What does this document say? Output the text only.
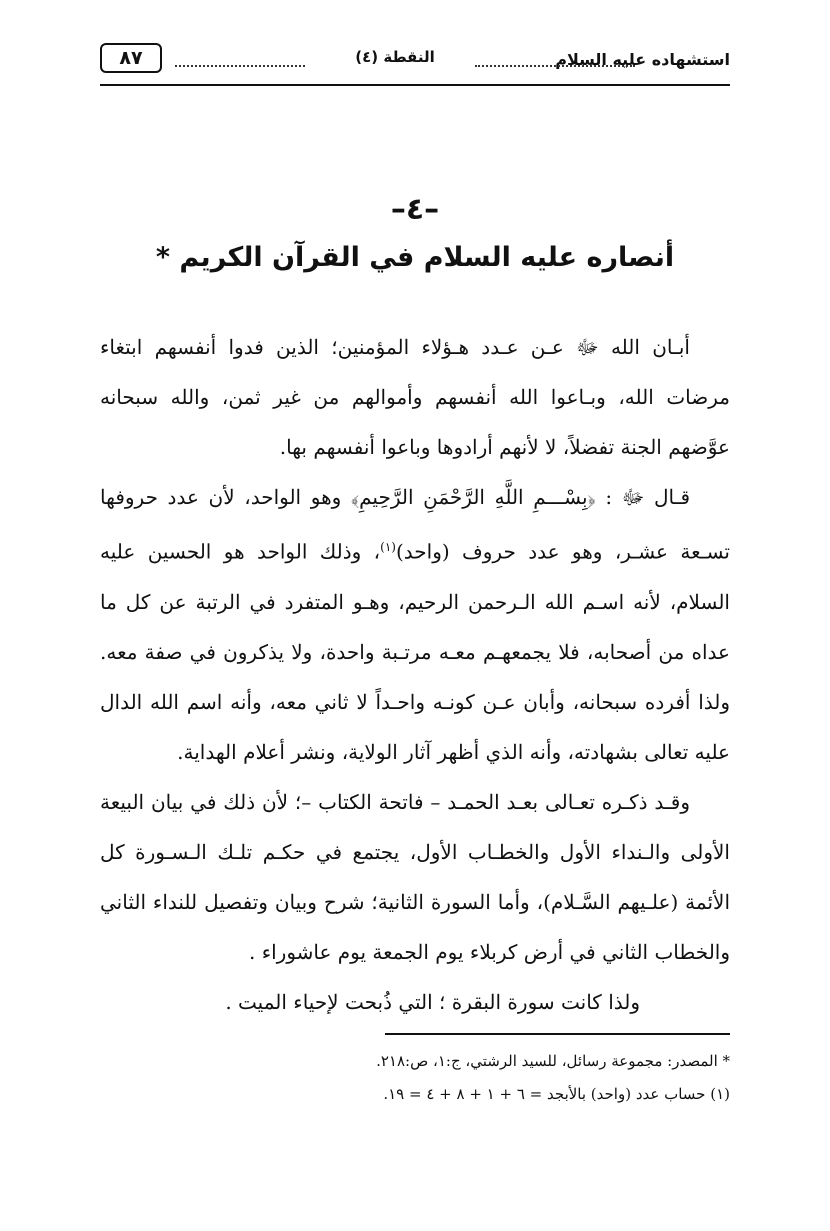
استشهاده عليه السلام
النقطة (٤)
٨٧
–٤–
أنصاره عليه السلام في القرآن الكريم *

أبـان الله ﷻ عـن عـدد هـؤلاء المؤمنين؛ الذين فدوا أنفسهم ابتغاء مرضات الله، وبـاعوا الله أنفسهم وأموالهم من غير ثمن، والله سبحانه عوَّضهم الجنة تفضلاً، لا لأنهم أرادوها وباعوا أنفسهم بها.

قـال ﷻ : ﴿بِسْـــمِ اللَّهِ الرَّحْمَنِ الرَّحِيمِ﴾ وهو الواحد، لأن عدد حروفها تسـعة عشـر، وهو عدد حروف (واحد)$^{(١)}$، وذلك الواحد هو الحسين عليه السلام، لأنه اسـم الله الـرحمن الرحيم، وهـو المتفرد في الرتبة عن كل ما عداه من أصحابه، فلا يجمعهـم معـه مرتـبة واحدة، ولا يذكرون في صفة معه. ولذا أفرده سبحانه، وأبان عـن كونـه واحـداً لا ثاني معه، وأنه اسم الله الدال عليه تعالى بشهادته، وأنه الذي أظهر آثار الولاية، ونشر أعلام الهداية.

وقـد ذكـره تعـالى بعـد الحمـد – فاتحة الكتاب –؛ لأن ذلك في بيان البيعة الأولى والـنداء الأول والخطـاب الأول، يجتمع في حكـم تلـك الـسـورة كل الأئمة (علـيهم السَّـلام)، وأما السورة الثانية؛ شرح وبيان وتفصيل للنداء الثاني والخطاب الثاني في أرض كربلاء يوم الجمعة يوم عاشوراء .

ولذا كانت سورة البقرة ؛ التي ذُبحت لإحياء الميت .

* المصدر: مجموعة رسائل، للسيد الرشتي، ج:١، ص:٢١٨.

(١) حساب عدد (واحد) بالأبجد = ٦ + ١ + ٨ + ٤ = ١٩.
